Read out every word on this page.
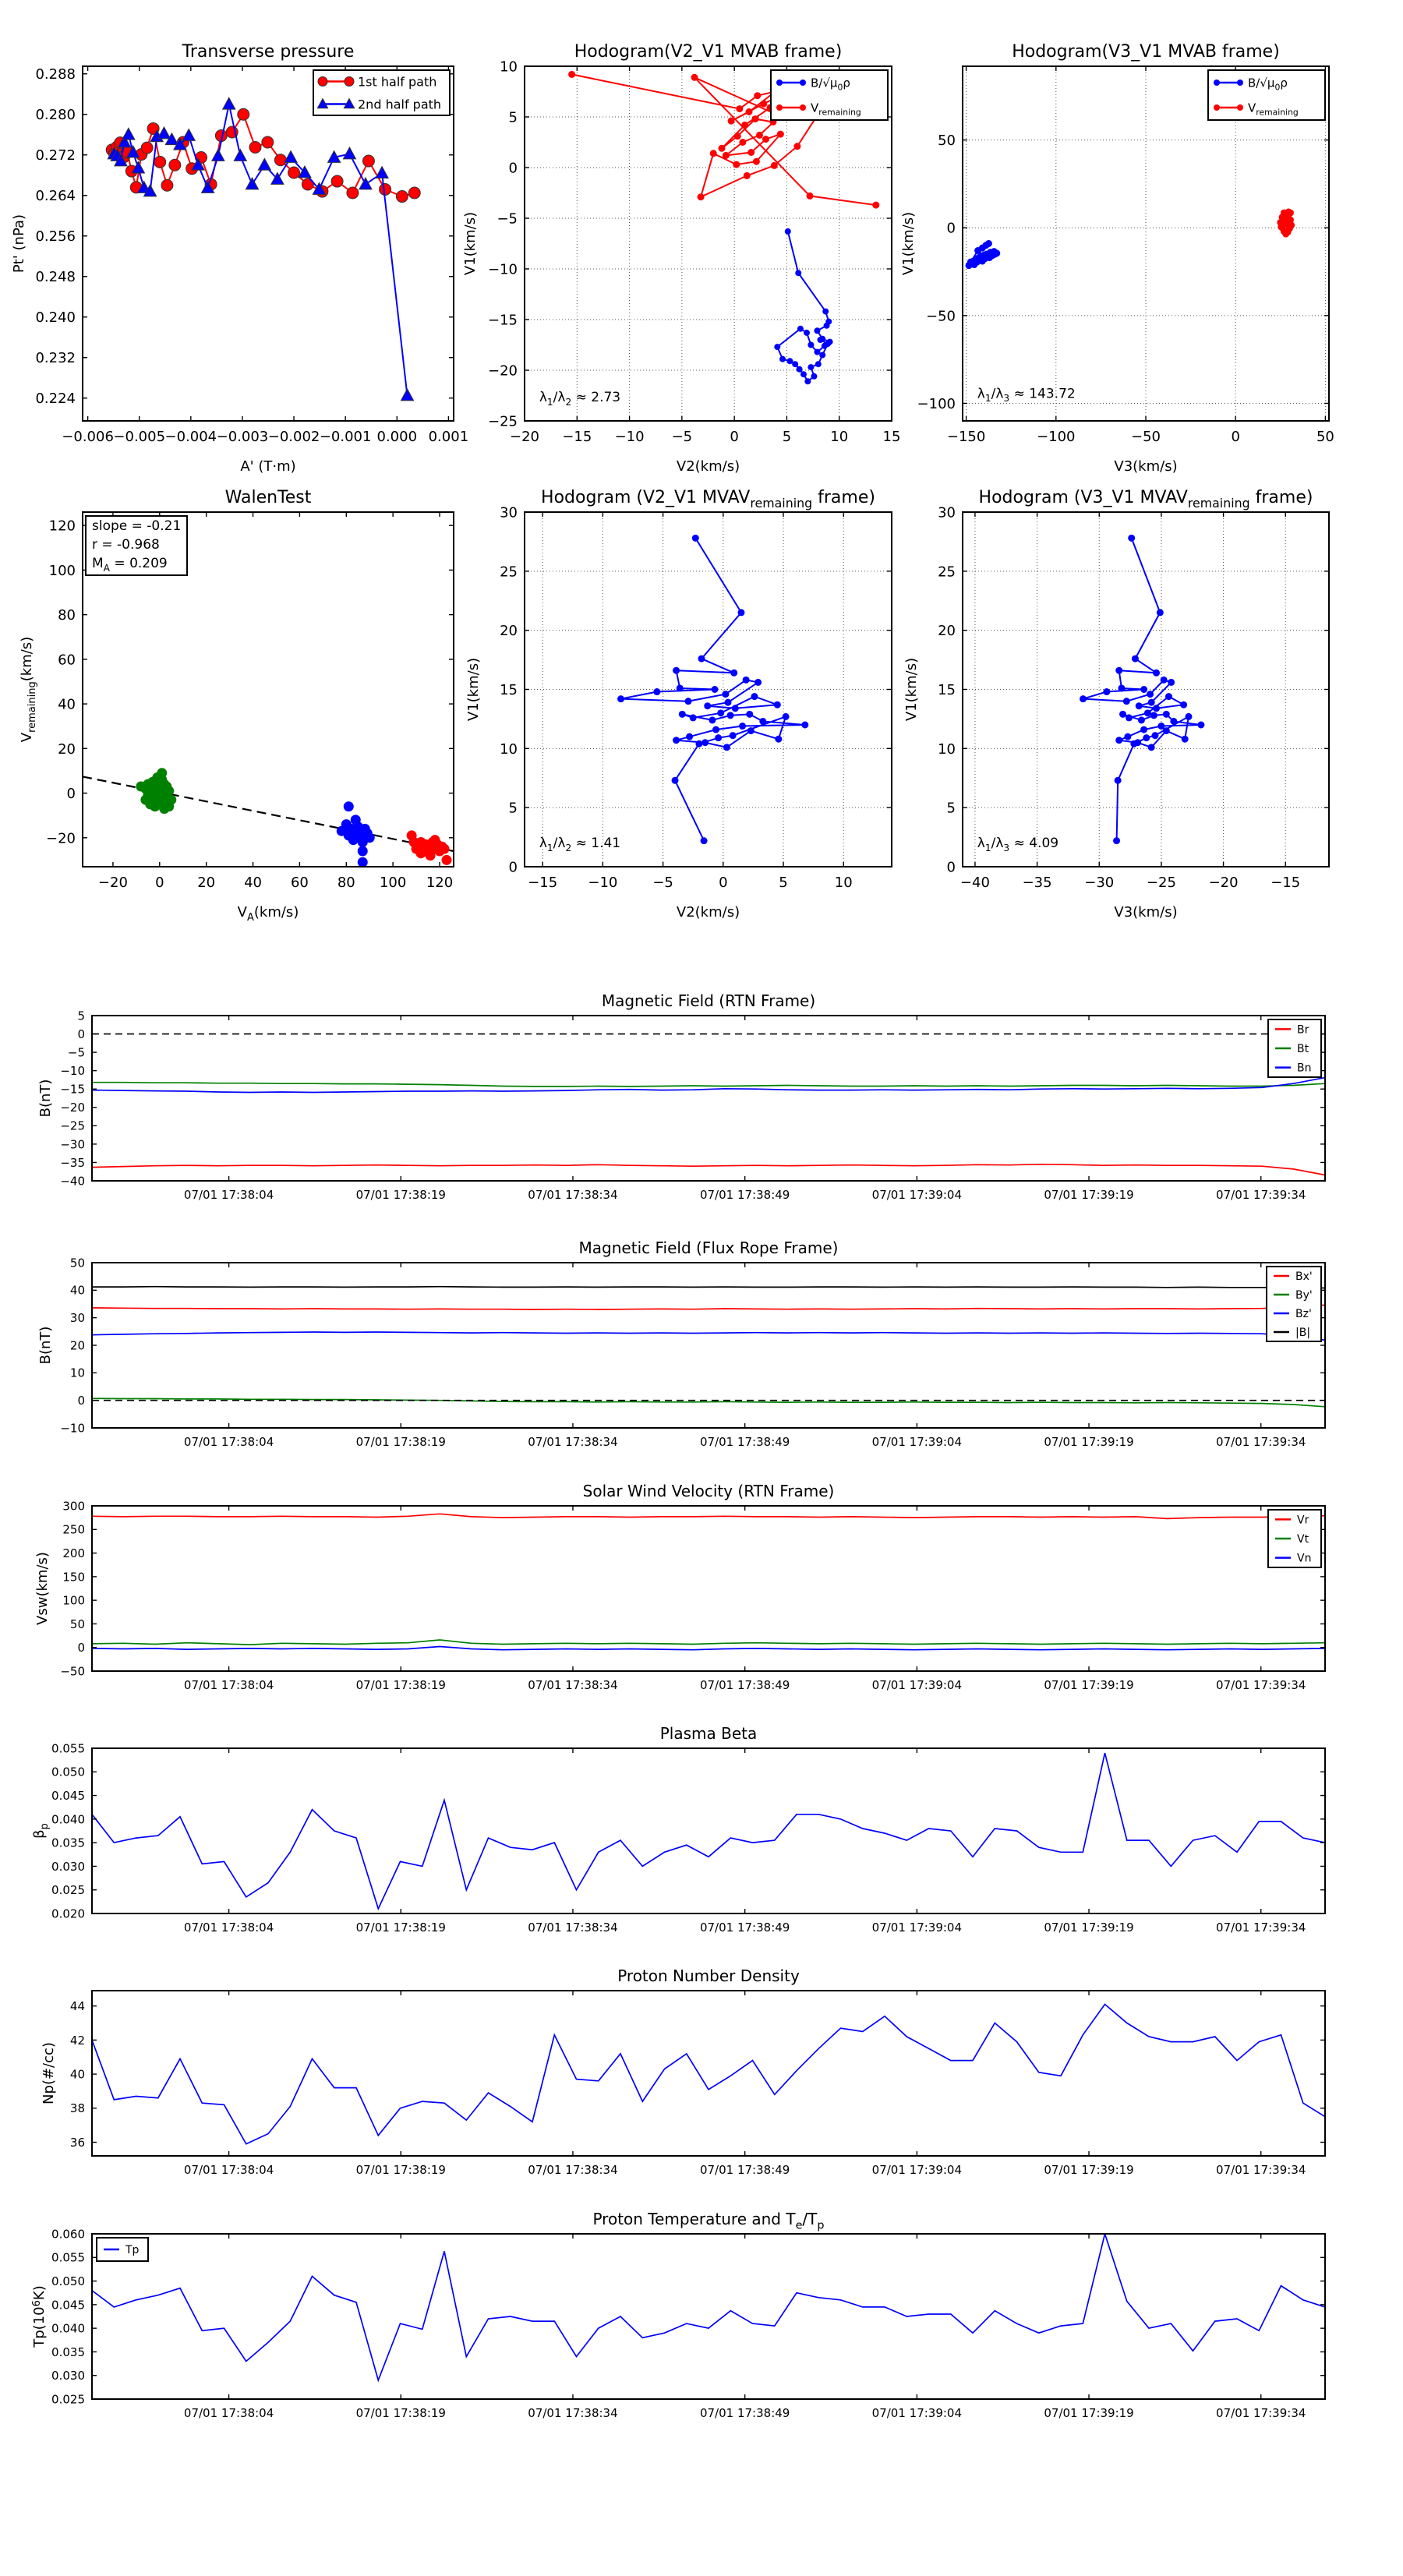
−0.006 −0.005 −0.004 −0.003 −0.002 −0.001 0.000 0.001
0.224
0.232
0.240
0.248
0.256
0.264
0.272
0.280
0.288
Transverse pressure
A' (T·m)
Pt' (nPa)
1st half path
2nd half path
−20 −15 −10 −5	0	5	10 15
−25
−20
−15
−10
−5
0
5
10
Hodogram(V2_V1 MVAB frame)
V2(km/s)
V1(km/s)
$\lambda_1/\lambda_2 \approx 2.73$
$B/√\mu_0\rho$
$V_{remaining}$
−150	−100	−50	0	50
−100
−50
0
50
Hodogram(V3_V1 MVAB frame)
V3(km/s)
V1(km/s)
$\lambda_1/\lambda_3 \approx 143.72$
$B/√\mu_0\rho$
$V_{remaining}$
−20 0 20 40 60 80 100 120
−20
0
20
40
60
80
100
120
WalenTest
$V_A(km/s)$
$V_{remaining}(km/s)$
slope = -0.21
r = -0.968
$M_A = 0.209$
−15 −10 −5	0	5	10
0
5
10
15
20
25
30
Hodogram (V2_V1 $MVAV_{remaining}$ frame)
V2(km/s)
V1(km/s)
$\lambda_1/\lambda_2 \approx 1.41$
−40 −35 −30 −25 −20 −15
0
5
10
15
20
25
30
Hodogram (V3_V1 $MVAV_{remaining}$ frame)
V3(km/s)
V1(km/s)
$\lambda_1/\lambda_3 \approx 4.09$
07/01 17:38:04	07/01 17:38:19	07/01 17:38:34	07/01 17:38:49	07/01 17:39:04	07/01 17:39:19	07/01 17:39:34
5
0
−5
−10
−15
−20
−25
−30
−35
−40
Magnetic Field (RTN Frame)
B(nT)
Br
Bt
Bn
07/01 17:38:04	07/01 17:38:19	07/01 17:38:34	07/01 17:38:49	07/01 17:39:04	07/01 17:39:19	07/01 17:39:34
50
40
30
20
10
0
−10
Magnetic Field (Flux Rope Frame)
B(nT)
Bx'
By'
Bz'
|B|
07/01 17:38:04	07/01 17:38:19	07/01 17:38:34	07/01 17:38:49	07/01 17:39:04	07/01 17:39:19	07/01 17:39:34
300
250
200
150
100
50
0
−50
Solar Wind Velocity (RTN Frame)
Vsw(km/s)
Vr
Vt
Vn
07/01 17:38:04	07/01 17:38:19	07/01 17:38:34	07/01 17:38:49	07/01 17:39:04	07/01 17:39:19	07/01 17:39:34
0.055
0.050
0.045
0.040
0.035
0.030
0.025
0.020
Plasma Beta
$\beta_p$
07/01 17:38:04	07/01 17:38:19	07/01 17:38:34	07/01 17:38:49	07/01 17:39:04	07/01 17:39:19	07/01 17:39:34
44
42
40
38
36
Proton Number Density
Np(#/cc)
07/01 17:38:04	07/01 17:38:19	07/01 17:38:34	07/01 17:38:49	07/01 17:39:04	07/01 17:39:19	07/01 17:39:34
0.060
0.055
0.050
0.045
0.040
0.035
0.030
0.025
Proton Temperature and $T_e/T_p$
$Tp(10^6K)$
Tp
